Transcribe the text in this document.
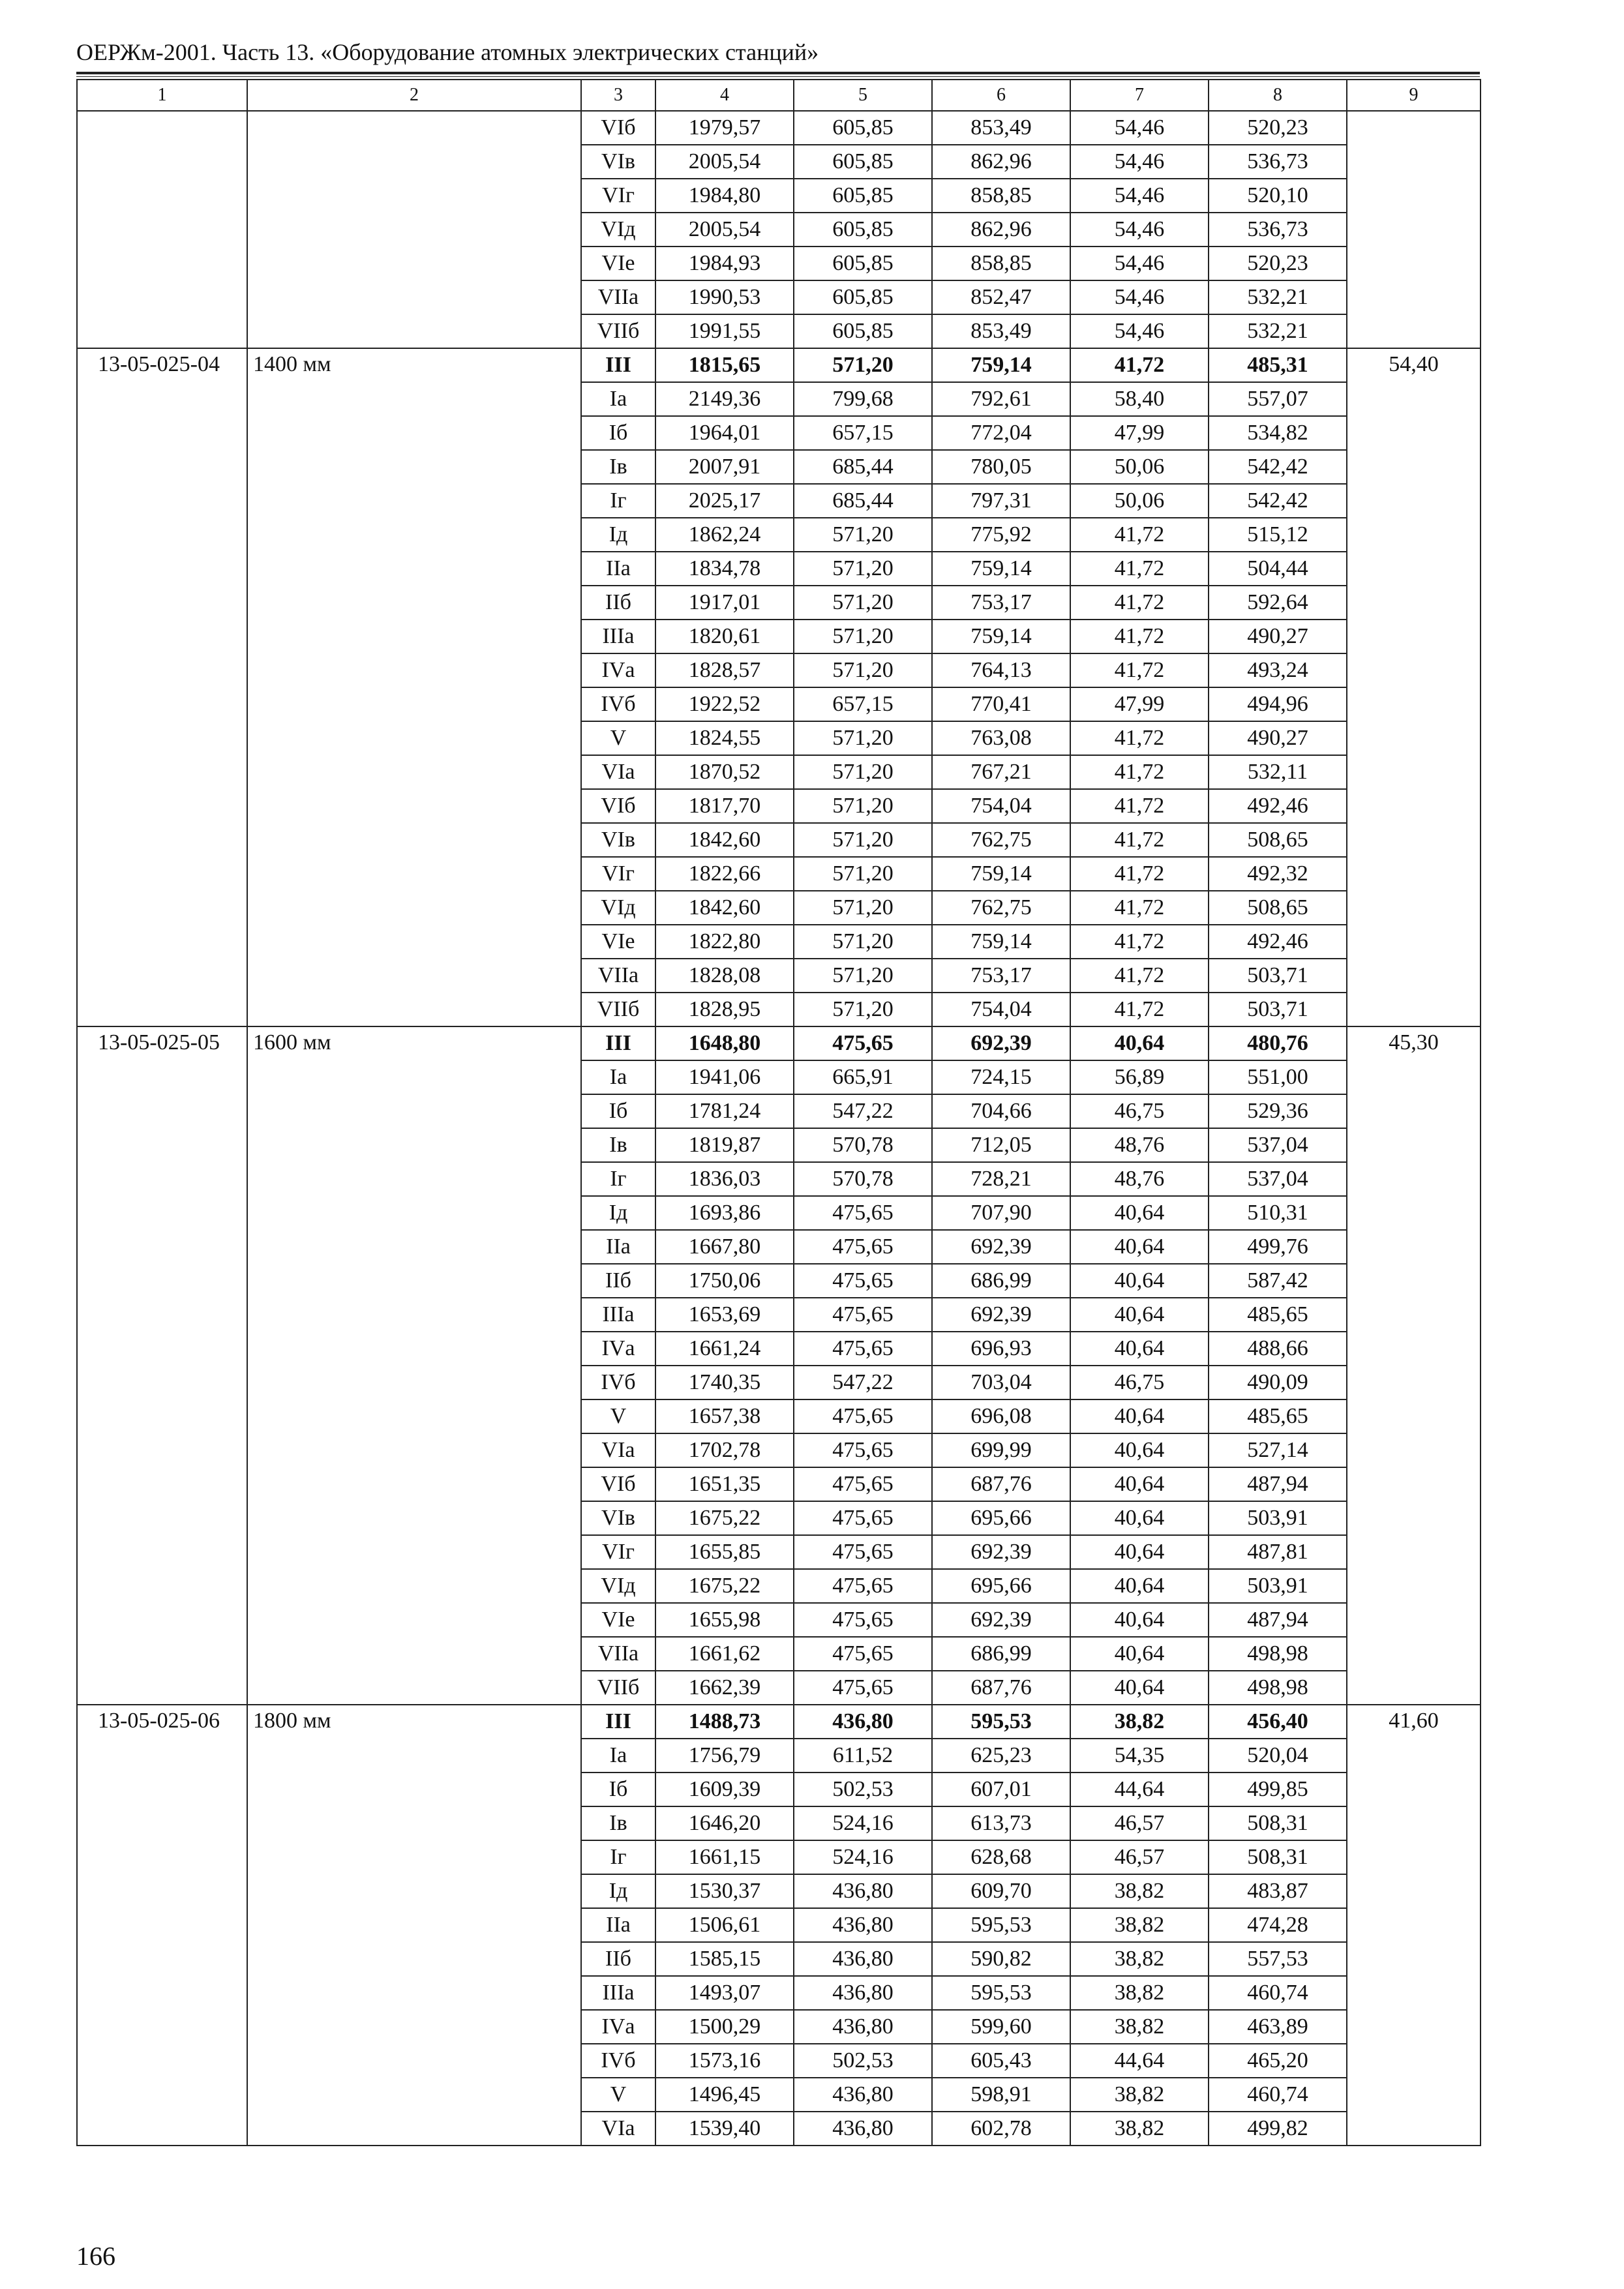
ОЕРЖм-2001. Часть 13. «Оборудование атомных электрических станций»
1	2	3	4	5	6	7	8	9
		VIб	1979,57	605,85	853,49	54,46	520,23	
		VIв	2005,54	605,85	862,96	54,46	536,73	
		VIг	1984,80	605,85	858,85	54,46	520,10	
		VIд	2005,54	605,85	862,96	54,46	536,73	
		VIе	1984,93	605,85	858,85	54,46	520,23	
		VIIа	1990,53	605,85	852,47	54,46	532,21	
		VIIб	1991,55	605,85	853,49	54,46	532,21	
13-05-025-04	1400 мм	III	1815,65	571,20	759,14	41,72	485,31	54,40
		Iа	2149,36	799,68	792,61	58,40	557,07	
		Iб	1964,01	657,15	772,04	47,99	534,82	
		Iв	2007,91	685,44	780,05	50,06	542,42	
		Iг	2025,17	685,44	797,31	50,06	542,42	
		Iд	1862,24	571,20	775,92	41,72	515,12	
		IIа	1834,78	571,20	759,14	41,72	504,44	
		IIб	1917,01	571,20	753,17	41,72	592,64	
		IIIа	1820,61	571,20	759,14	41,72	490,27	
		IVа	1828,57	571,20	764,13	41,72	493,24	
		IVб	1922,52	657,15	770,41	47,99	494,96	
		V	1824,55	571,20	763,08	41,72	490,27	
		VIа	1870,52	571,20	767,21	41,72	532,11	
		VIб	1817,70	571,20	754,04	41,72	492,46	
		VIв	1842,60	571,20	762,75	41,72	508,65	
		VIг	1822,66	571,20	759,14	41,72	492,32	
		VIд	1842,60	571,20	762,75	41,72	508,65	
		VIе	1822,80	571,20	759,14	41,72	492,46	
		VIIа	1828,08	571,20	753,17	41,72	503,71	
		VIIб	1828,95	571,20	754,04	41,72	503,71	
13-05-025-05	1600 мм	III	1648,80	475,65	692,39	40,64	480,76	45,30
		Iа	1941,06	665,91	724,15	56,89	551,00	
		Iб	1781,24	547,22	704,66	46,75	529,36	
		Iв	1819,87	570,78	712,05	48,76	537,04	
		Iг	1836,03	570,78	728,21	48,76	537,04	
		Iд	1693,86	475,65	707,90	40,64	510,31	
		IIа	1667,80	475,65	692,39	40,64	499,76	
		IIб	1750,06	475,65	686,99	40,64	587,42	
		IIIа	1653,69	475,65	692,39	40,64	485,65	
		IVа	1661,24	475,65	696,93	40,64	488,66	
		IVб	1740,35	547,22	703,04	46,75	490,09	
		V	1657,38	475,65	696,08	40,64	485,65	
		VIа	1702,78	475,65	699,99	40,64	527,14	
		VIб	1651,35	475,65	687,76	40,64	487,94	
		VIв	1675,22	475,65	695,66	40,64	503,91	
		VIг	1655,85	475,65	692,39	40,64	487,81	
		VIд	1675,22	475,65	695,66	40,64	503,91	
		VIе	1655,98	475,65	692,39	40,64	487,94	
		VIIа	1661,62	475,65	686,99	40,64	498,98	
		VIIб	1662,39	475,65	687,76	40,64	498,98	
13-05-025-06	1800 мм	III	1488,73	436,80	595,53	38,82	456,40	41,60
		Iа	1756,79	611,52	625,23	54,35	520,04	
		Iб	1609,39	502,53	607,01	44,64	499,85	
		Iв	1646,20	524,16	613,73	46,57	508,31	
		Iг	1661,15	524,16	628,68	46,57	508,31	
		Iд	1530,37	436,80	609,70	38,82	483,87	
		IIа	1506,61	436,80	595,53	38,82	474,28	
		IIб	1585,15	436,80	590,82	38,82	557,53	
		IIIа	1493,07	436,80	595,53	38,82	460,74	
		IVа	1500,29	436,80	599,60	38,82	463,89	
		IVб	1573,16	502,53	605,43	44,64	465,20	
		V	1496,45	436,80	598,91	38,82	460,74	
		VIа	1539,40	436,80	602,78	38,82	499,82	
166
